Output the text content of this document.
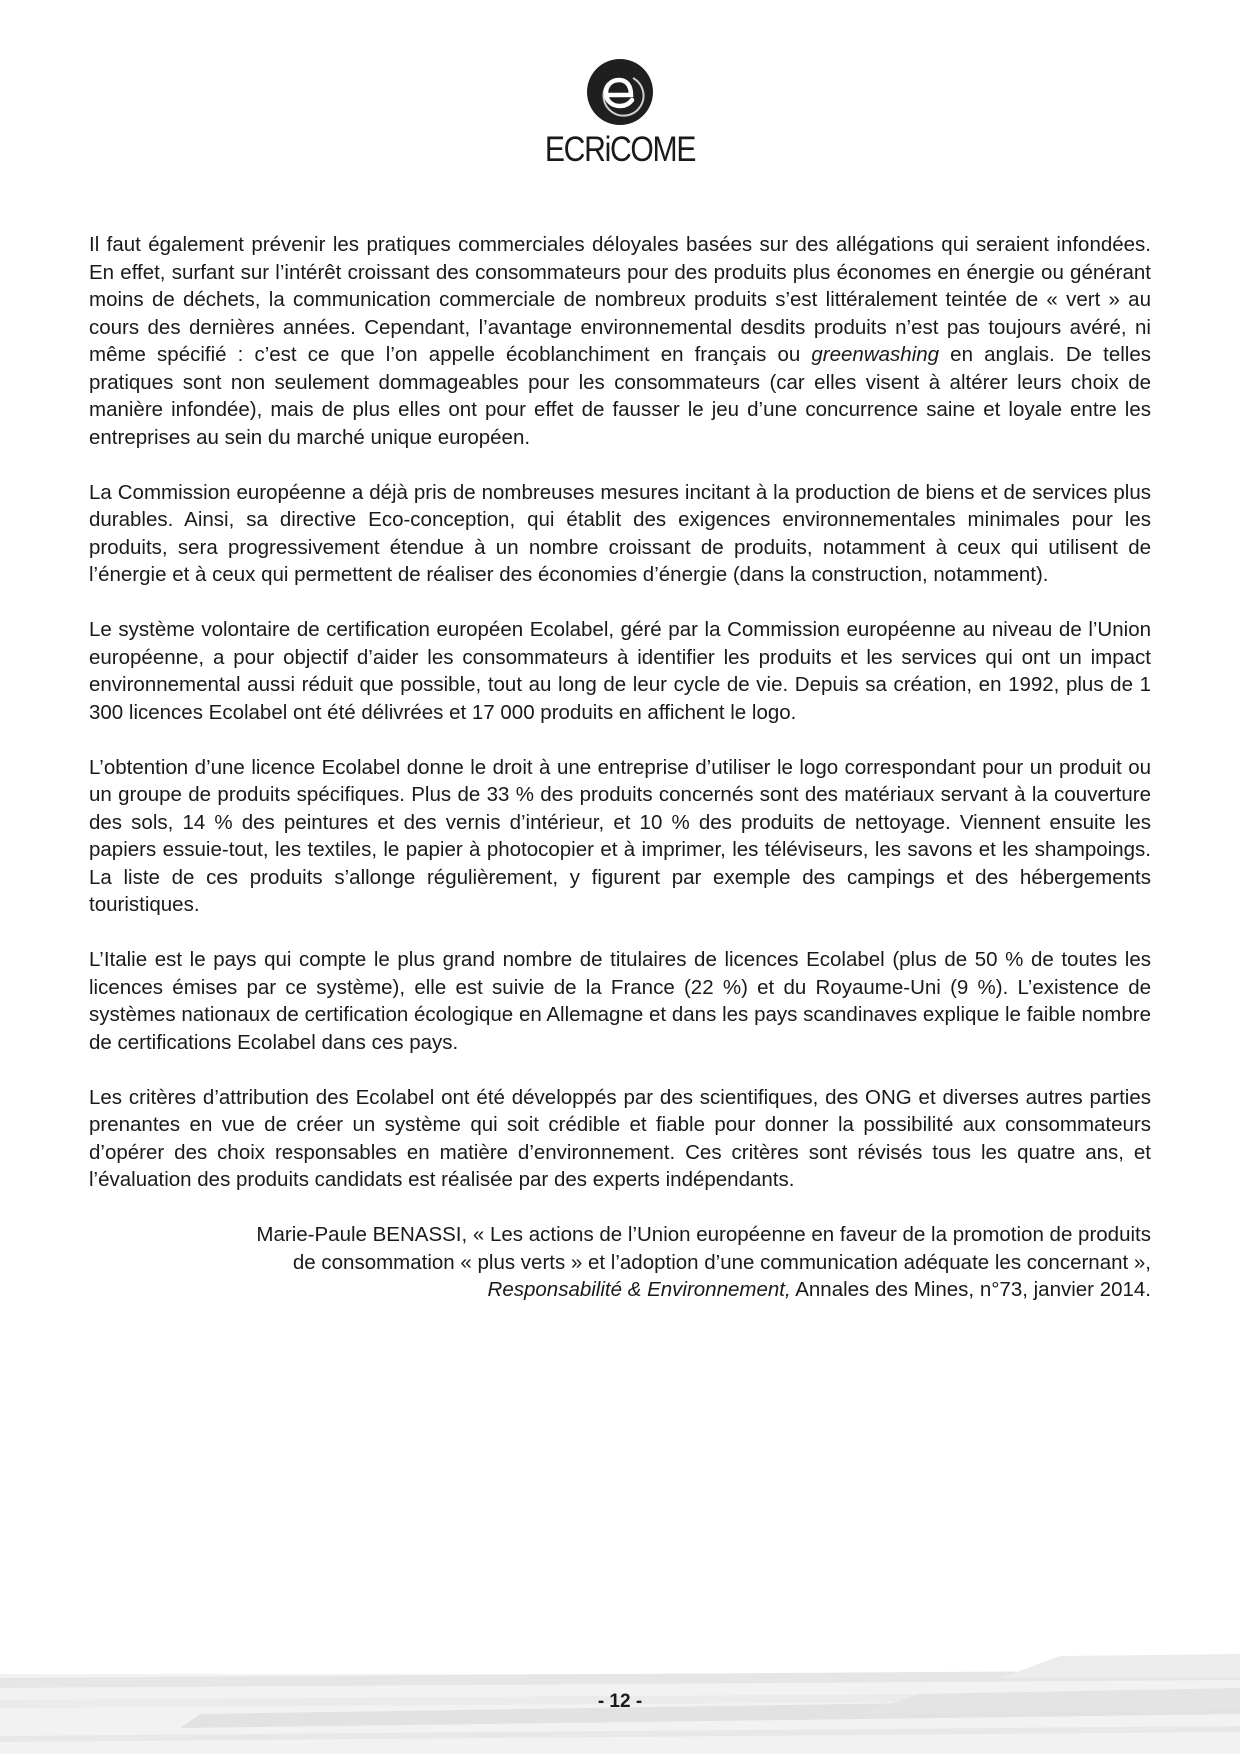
ECRiCOME

Il faut également prévenir les pratiques commerciales déloyales basées sur des allégations qui seraient infondées. En effet, surfant sur l’intérêt croissant des consommateurs pour des produits plus économes en énergie ou générant moins de déchets, la communication commerciale de nombreux produits s’est littéralement teintée de « vert » au cours des dernières années. Cependant, l’avantage environnemental desdits produits n’est pas toujours avéré, ni même spécifié : c’est ce que l’on appelle écoblanchiment en français ou greenwashing en anglais. De telles pratiques sont non seulement dommageables pour les consommateurs (car elles visent à altérer leurs choix de manière infondée), mais de plus elles ont pour effet de fausser le jeu d’une concurrence saine et loyale entre les entreprises au sein du marché unique européen.

La Commission européenne a déjà pris de nombreuses mesures incitant à la production de biens et de services plus durables. Ainsi, sa directive Eco-conception, qui établit des exigences environnementales minimales pour les produits, sera progressivement étendue à un nombre croissant de produits, notamment à ceux qui utilisent de l’énergie et à ceux qui permettent de réaliser des économies d’énergie (dans la construction, notamment).

Le système volontaire de certification européen Ecolabel, géré par la Commission européenne au niveau de l’Union européenne, a pour objectif d’aider les consommateurs à identifier les produits et les services qui ont un impact environnemental aussi réduit que possible, tout au long de leur cycle de vie. Depuis sa création, en 1992, plus de 1 300 licences Ecolabel ont été délivrées et 17 000 produits en affichent le logo.

L’obtention d’une licence Ecolabel donne le droit à une entreprise d’utiliser le logo correspondant pour un produit ou un groupe de produits spécifiques. Plus de 33 % des produits concernés sont des matériaux servant à la couverture des sols, 14 % des peintures et des vernis d’intérieur, et 10 % des produits de nettoyage. Viennent ensuite les papiers essuie-tout, les textiles, le papier à photocopier et à imprimer, les téléviseurs, les savons et les shampoings. La liste de ces produits s’allonge régulièrement, y figurent par exemple des campings et des hébergements touristiques.

L’Italie est le pays qui compte le plus grand nombre de titulaires de licences Ecolabel (plus de 50 % de toutes les licences émises par ce système), elle est suivie de la France (22 %) et du Royaume-Uni (9 %). L’existence de systèmes nationaux de certification écologique en Allemagne et dans les pays scandinaves explique le faible nombre de certifications Ecolabel dans ces pays.

Les critères d’attribution des Ecolabel ont été développés par des scientifiques, des ONG et diverses autres parties prenantes en vue de créer un système qui soit crédible et fiable pour donner la possibilité aux consommateurs d’opérer des choix responsables en matière d’environnement. Ces critères sont révisés tous les quatre ans, et l’évaluation des produits candidats est réalisée par des experts indépendants.

Marie-Paule BENASSI, « Les actions de l’Union européenne en faveur de la promotion de produits
de consommation « plus verts » et l’adoption d’une communication adéquate les concernant »,
Responsabilité & Environnement, Annales des Mines, n°73, janvier 2014.

- 12 -
